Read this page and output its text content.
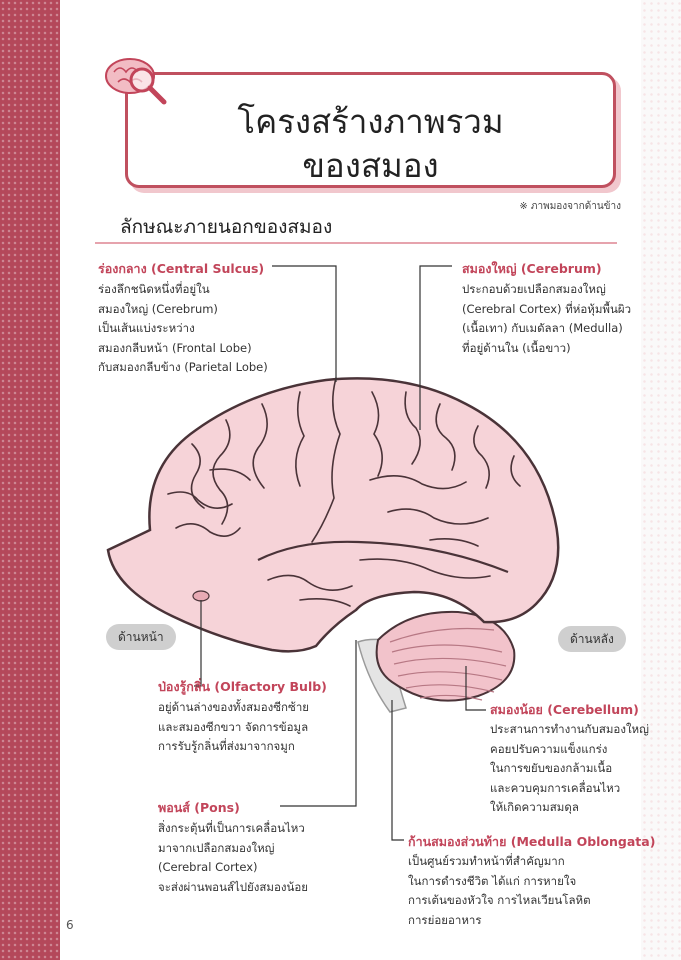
6
โครงสร้างภาพรวม
ของสมอง
※ ภาพมองจากด้านข้าง
ลักษณะภายนอกของสมอง
ด้านหน้า	ด้านหลัง
ร่องกลาง (Central Sulcus)
ร่องลึกชนิดหนึ่งที่อยู่ใน
สมองใหญ่ (Cerebrum)
เป็นเส้นแบ่งระหว่าง
สมองกลีบหน้า (Frontal Lobe)
กับสมองกลีบข้าง (Parietal Lobe)
สมองใหญ่ (Cerebrum)
ประกอบด้วยเปลือกสมองใหญ่
(Cerebral Cortex) ที่ห่อหุ้มพื้นผิว
(เนื้อเทา) กับเมดัลลา (Medulla)
ที่อยู่ด้านใน (เนื้อขาว)
ป่องรู้กลิ่น (Olfactory Bulb)
อยู่ด้านล่างของทั้งสมองซีกซ้าย
และสมองซีกขวา จัดการข้อมูล
การรับรู้กลิ่นที่ส่งมาจากจมูก
สมองน้อย (Cerebellum)
ประสานการทำงานกับสมองใหญ่
คอยปรับความแข็งแกร่ง
ในการขยับของกล้ามเนื้อ
และควบคุมการเคลื่อนไหว
ให้เกิดความสมดุล
พอนส์ (Pons)
สิ่งกระตุ้นที่เป็นการเคลื่อนไหว
มาจากเปลือกสมองใหญ่
(Cerebral Cortex)
จะส่งผ่านพอนส์ไปยังสมองน้อย
ก้านสมองส่วนท้าย (Medulla Oblongata)
เป็นศูนย์รวมทำหน้าที่สำคัญมาก
ในการดำรงชีวิต ได้แก่ การหายใจ
การเต้นของหัวใจ การไหลเวียนโลหิต
การย่อยอาหาร
